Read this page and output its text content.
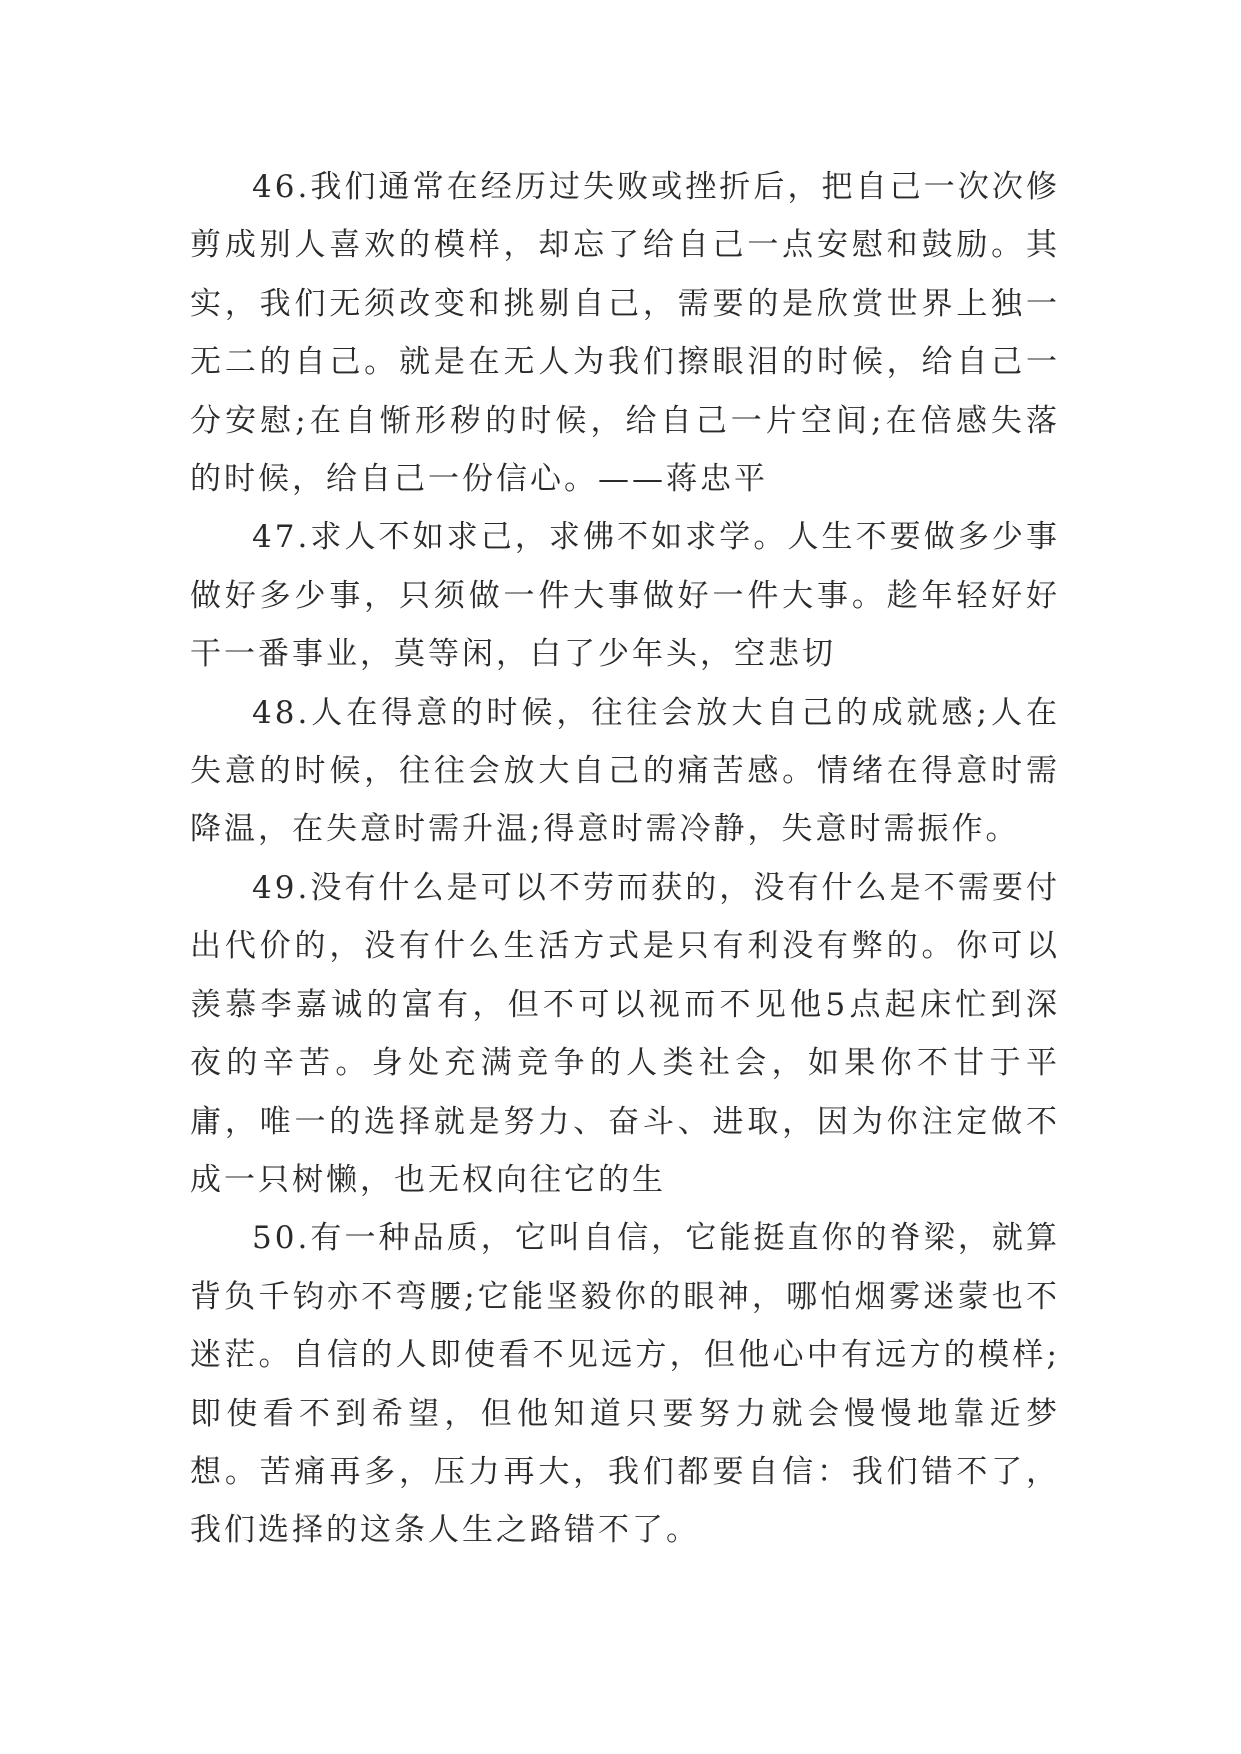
46.我们通常在经历过失败或挫折后，把自己一次次修剪成别人喜欢的模样，却忘了给自己一点安慰和鼓励。其实，我们无须改变和挑剔自己，需要的是欣赏世界上独一无二的自己。就是在无人为我们擦眼泪的时候，给自己一分安慰;在自惭形秽的时候，给自己一片空间;在倍感失落的时候，给自己一份信心。——蒋忠平

47.求人不如求己，求佛不如求学。人生不要做多少事做好多少事，只须做一件大事做好一件大事。趁年轻好好干一番事业，莫等闲，白了少年头，空悲切

48.人在得意的时候，往往会放大自己的成就感;人在失意的时候，往往会放大自己的痛苦感。情绪在得意时需降温，在失意时需升温;得意时需冷静，失意时需振作。

49.没有什么是可以不劳而获的，没有什么是不需要付出代价的，没有什么生活方式是只有利没有弊的。你可以羡慕李嘉诚的富有，但不可以视而不见他5点起床忙到深夜的辛苦。身处充满竞争的人类社会，如果你不甘于平庸，唯一的选择就是努力、奋斗、进取，因为你注定做不成一只树懒，也无权向往它的生

50.有一种品质，它叫自信，它能挺直你的脊梁，就算背负千钧亦不弯腰;它能坚毅你的眼神，哪怕烟雾迷蒙也不迷茫。自信的人即使看不见远方，但他心中有远方的模样;即使看不到希望，但他知道只要努力就会慢慢地靠近梦想。苦痛再多，压力再大，我们都要自信：我们错不了，我们选择的这条人生之路错不了。
